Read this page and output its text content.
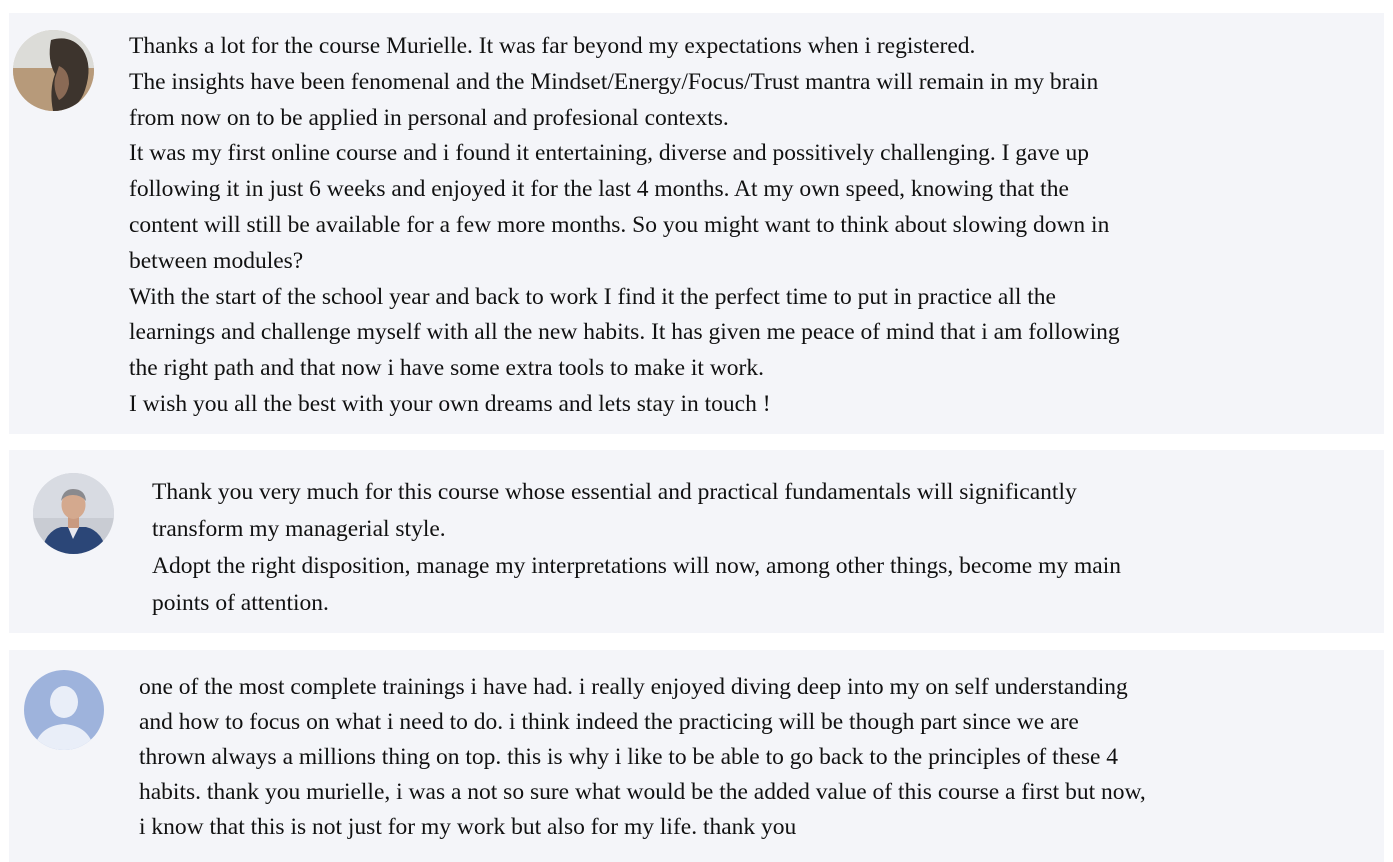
Thanks a lot for the course Murielle. It was far beyond my expectations when i registered.
The insights have been fenomenal and the Mindset/Energy/Focus/Trust mantra will remain in my brain
from now on to be applied in personal and profesional contexts.
It was my first online course and i found it entertaining, diverse and possitively challenging. I gave up
following it in just 6 weeks and enjoyed it for the last 4 months. At my own speed, knowing that the
content will still be available for a few more months. So you might want to think about slowing down in
between modules?
With the start of the school year and back to work I find it the perfect time to put in practice all the
learnings and challenge myself with all the new habits. It has given me peace of mind that i am following
the right path and that now i have some extra tools to make it work.
I wish you all the best with your own dreams and lets stay in touch !
Thank you very much for this course whose essential and practical fundamentals will significantly
transform my managerial style.
Adopt the right disposition, manage my interpretations will now, among other things, become my main
points of attention.
one of the most complete trainings i have had. i really enjoyed diving deep into my on self understanding
and how to focus on what i need to do. i think indeed the practicing will be though part since we are
thrown always a millions thing on top. this is why i like to be able to go back to the principles of these 4
habits. thank you murielle, i was a not so sure what would be the added value of this course a first but now,
i know that this is not just for my work but also for my life. thank you
